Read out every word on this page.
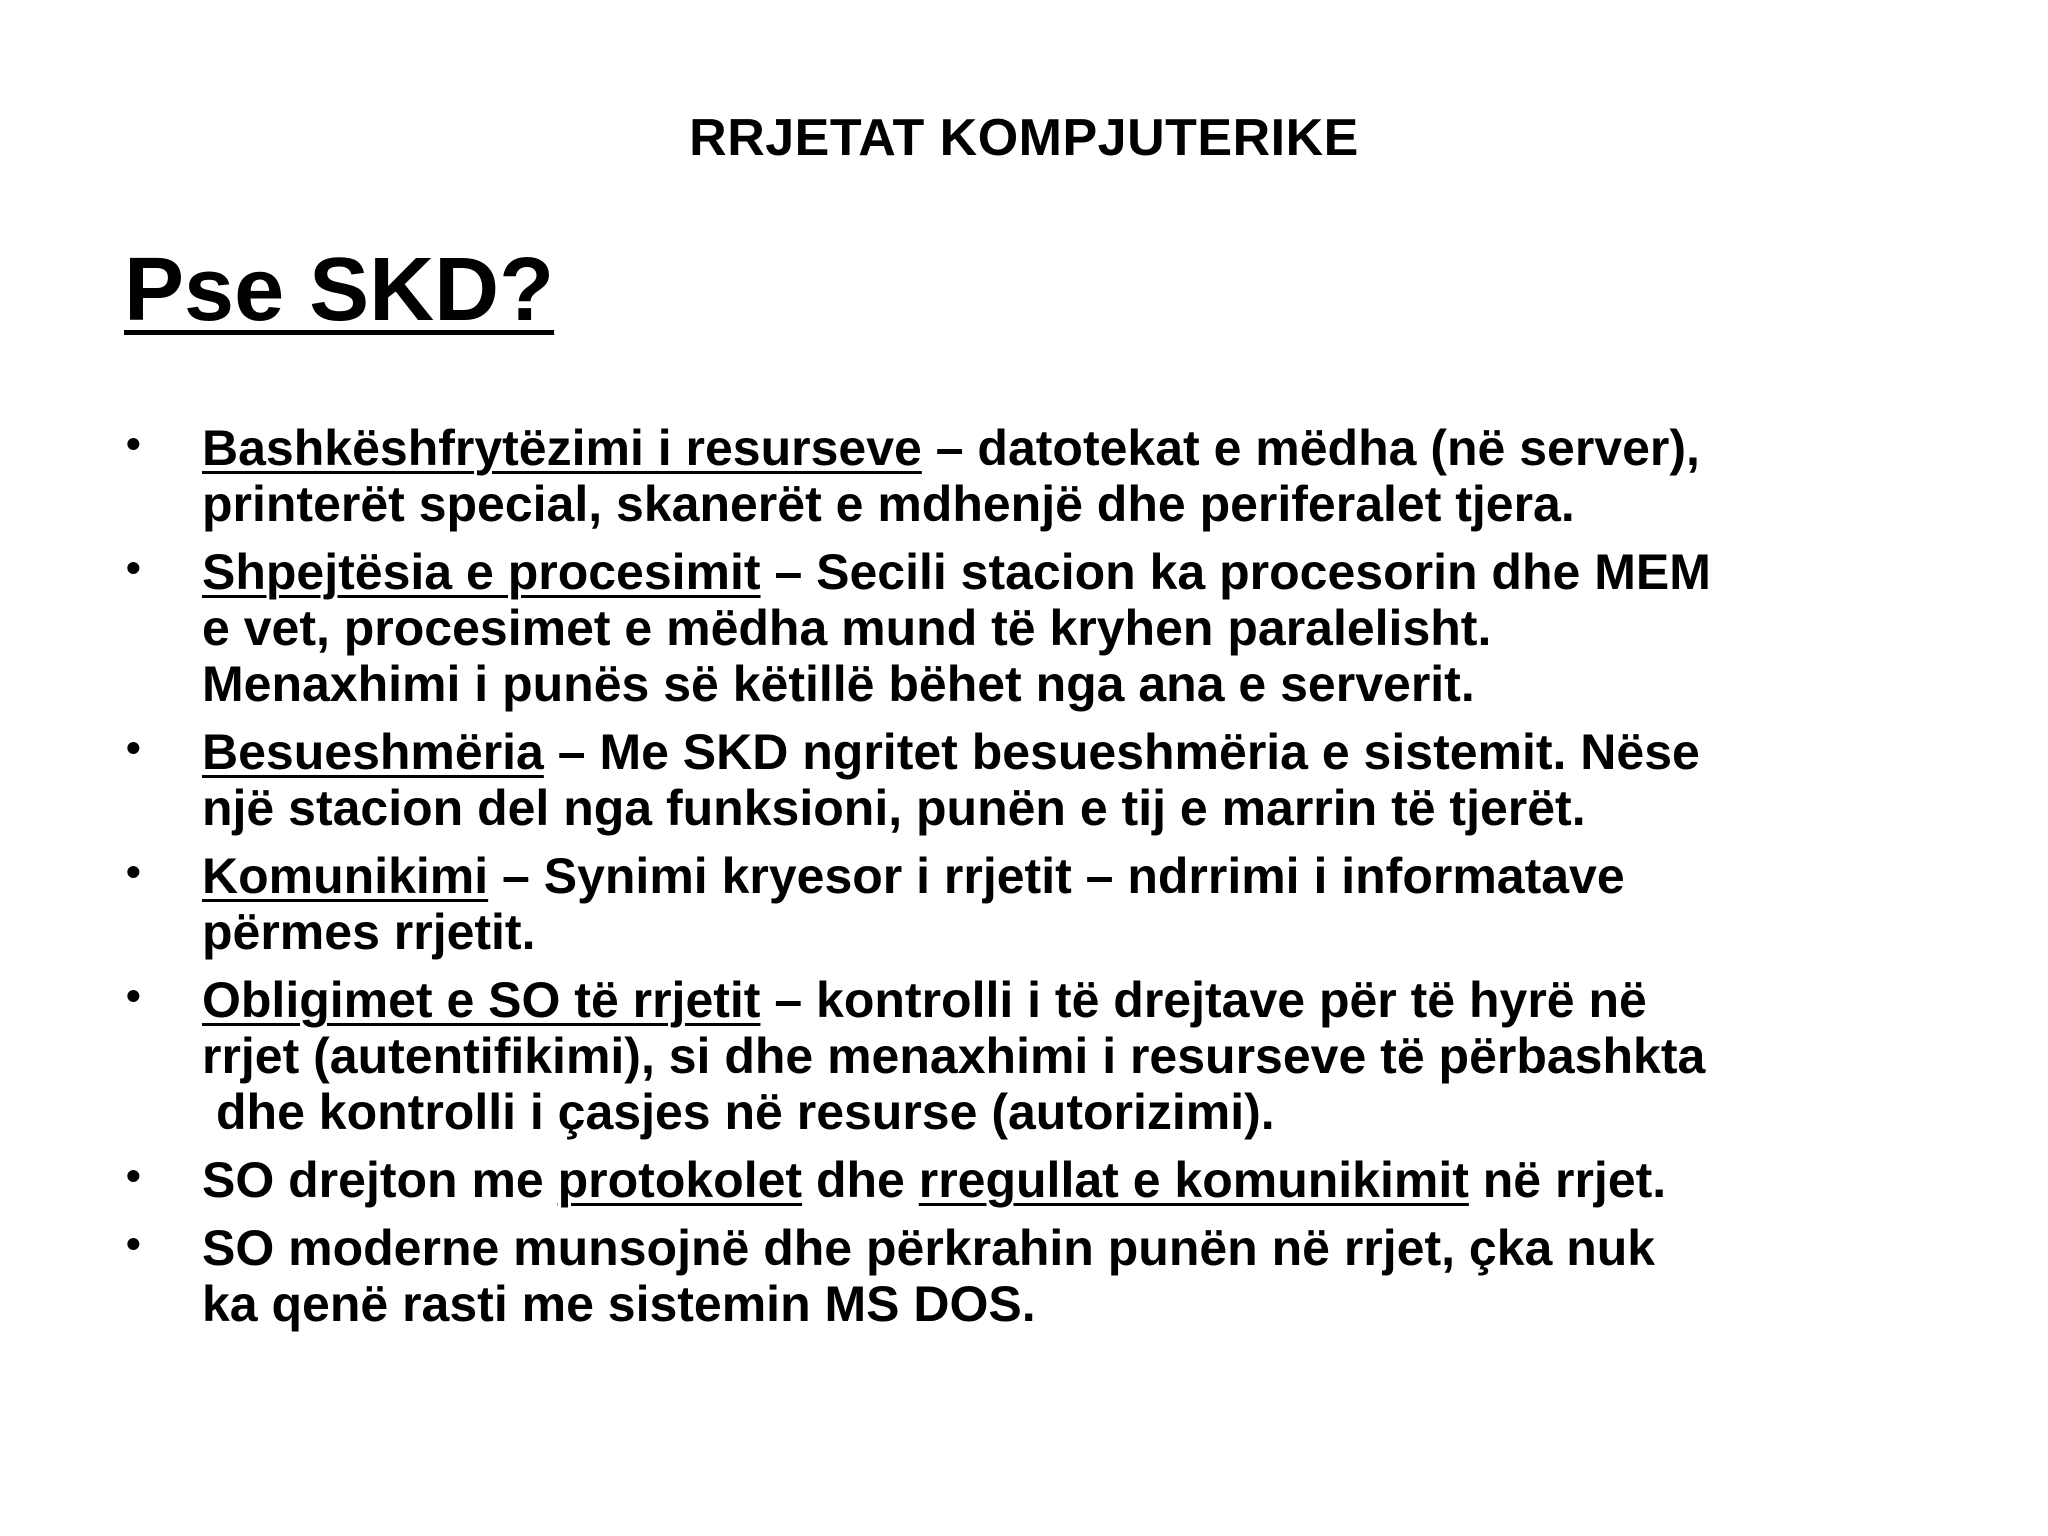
RRJETAT KOMPJUTERIKE
Pse SKD?
• Bashkëshfrytëzimi i resurseve – datotekat e mëdha (në server),
printerët special, skanerët e mdhenjë dhe periferalet tjera.
• Shpejtësia e procesimit – Secili stacion ka procesorin dhe MEM
e vet, procesimet e mëdha mund të kryhen paralelisht.
Menaxhimi i punës së këtillë bëhet nga ana e serverit.
• Besueshmëria – Me SKD ngritet besueshmëria e sistemit. Nëse
një stacion del nga funksioni, punën e tij e marrin të tjerët.
• Komunikimi – Synimi kryesor i rrjetit – ndrrimi i informatave
përmes rrjetit.
• Obligimet e SO të rrjetit – kontrolli i të drejtave për të hyrë në
rrjet (autentifikimi), si dhe menaxhimi i resurseve të përbashkta
dhe kontrolli i çasjes në resurse (autorizimi).
• SO drejton me protokolet dhe rregullat e komunikimit në rrjet.
• SO moderne munsojnë dhe përkrahin punën në rrjet, çka nuk
ka qenë rasti me sistemin MS DOS.
